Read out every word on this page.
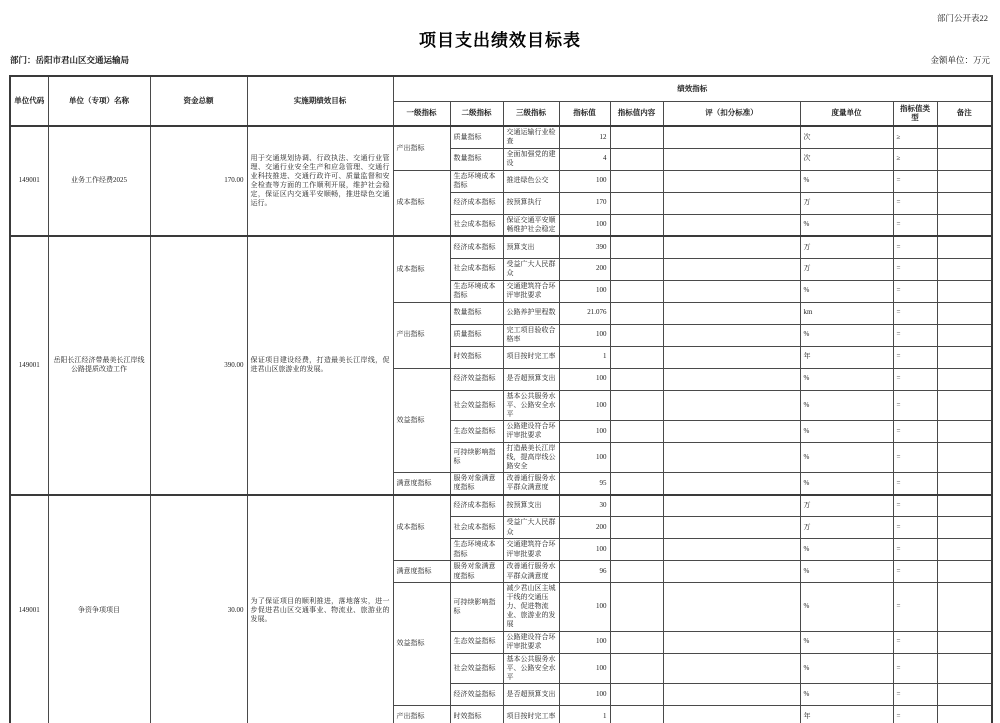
部门公开表22
项目支出绩效目标表
部门：岳阳市君山区交通运输局	金额单位：万元
单位代码	单位（专项）名称	资金总额	实施期绩效目标	绩效指标								
				一级指标	二级指标	三级指标	指标值	指标值内容	评（扣分标准）	度量单位	指标值类型	备注
149001	业务工作经费2025	170.00	用于交通规划协调、行政执法、交通行业管理、交通行业安全生产和应急管理、交通行业科技推进、交通行政许可、质量监督和安全检查等方面的工作顺利开展，维护社会稳定，保证区内交通平安顺畅，推进绿色交通运行。	产出指标	质量指标	交通运输行业检查	12			次	≥	
					数量指标	全面加强党的建设	4			次	≥	
				成本指标	生态环境成本指标	推进绿色公交	100			%	=	
					经济成本指标	按预算执行	170			万	=	
					社会成本指标	保证交通平安顺畅维护社会稳定	100			%	=	
149001	岳阳长江经济带最美长江岸线公路提质改造工作	390.00	保证项目建设经费，打造最美长江岸线，促进君山区旅游业的发展。	成本指标	经济成本指标	预算支出	390			万	=	
					社会成本指标	受益广大人民群众	200			万	=	
					生态环境成本指标	交通建筑符合环评审批要求	100			%	=	
				产出指标	数量指标	公路养护里程数	21.076			km	=	
					质量指标	完工项目验收合格率	100			%	=	
					时效指标	项目按时完工率	1			年	=	
				效益指标	经济效益指标	是否超预算支出	100			%	=	
					社会效益指标	基本公共服务水平、公路安全水平	100			%	=	
					生态效益指标	公路建设符合环评审批要求	100			%	=	
					可持续影响指标	打造最美长江岸线，提高岸线公路安全	100			%	=	
				满意度指标	服务对象满意度指标	改善通行服务水平群众满意度	95			%	=	
149001	争资争项项目	30.00	为了保证项目的顺利推进，落地落实，进一步促进君山区交通事业、物流业、旅游业的发展。	成本指标	经济成本指标	按预算支出	30			万	=	
					社会成本指标	受益广大人民群众	200			万	=	
					生态环境成本指标	交通建筑符合环评审批要求	100			%	=	
				满意度指标	服务对象满意度指标	改善通行服务水平群众满意度	96			%	=	
				效益指标	可持续影响指标	减少君山区主城干线的交通压力、促进物流业、旅游业的发展	100			%	=	
					生态效益指标	公路建设符合环评审批要求	100			%	=	
					社会效益指标	基本公共服务水平、公路安全水平	100			%	=	
					经济效益指标	是否超预算支出	100			%	=	
				产出指标	时效指标	项目按时完工率	1			年	=	
